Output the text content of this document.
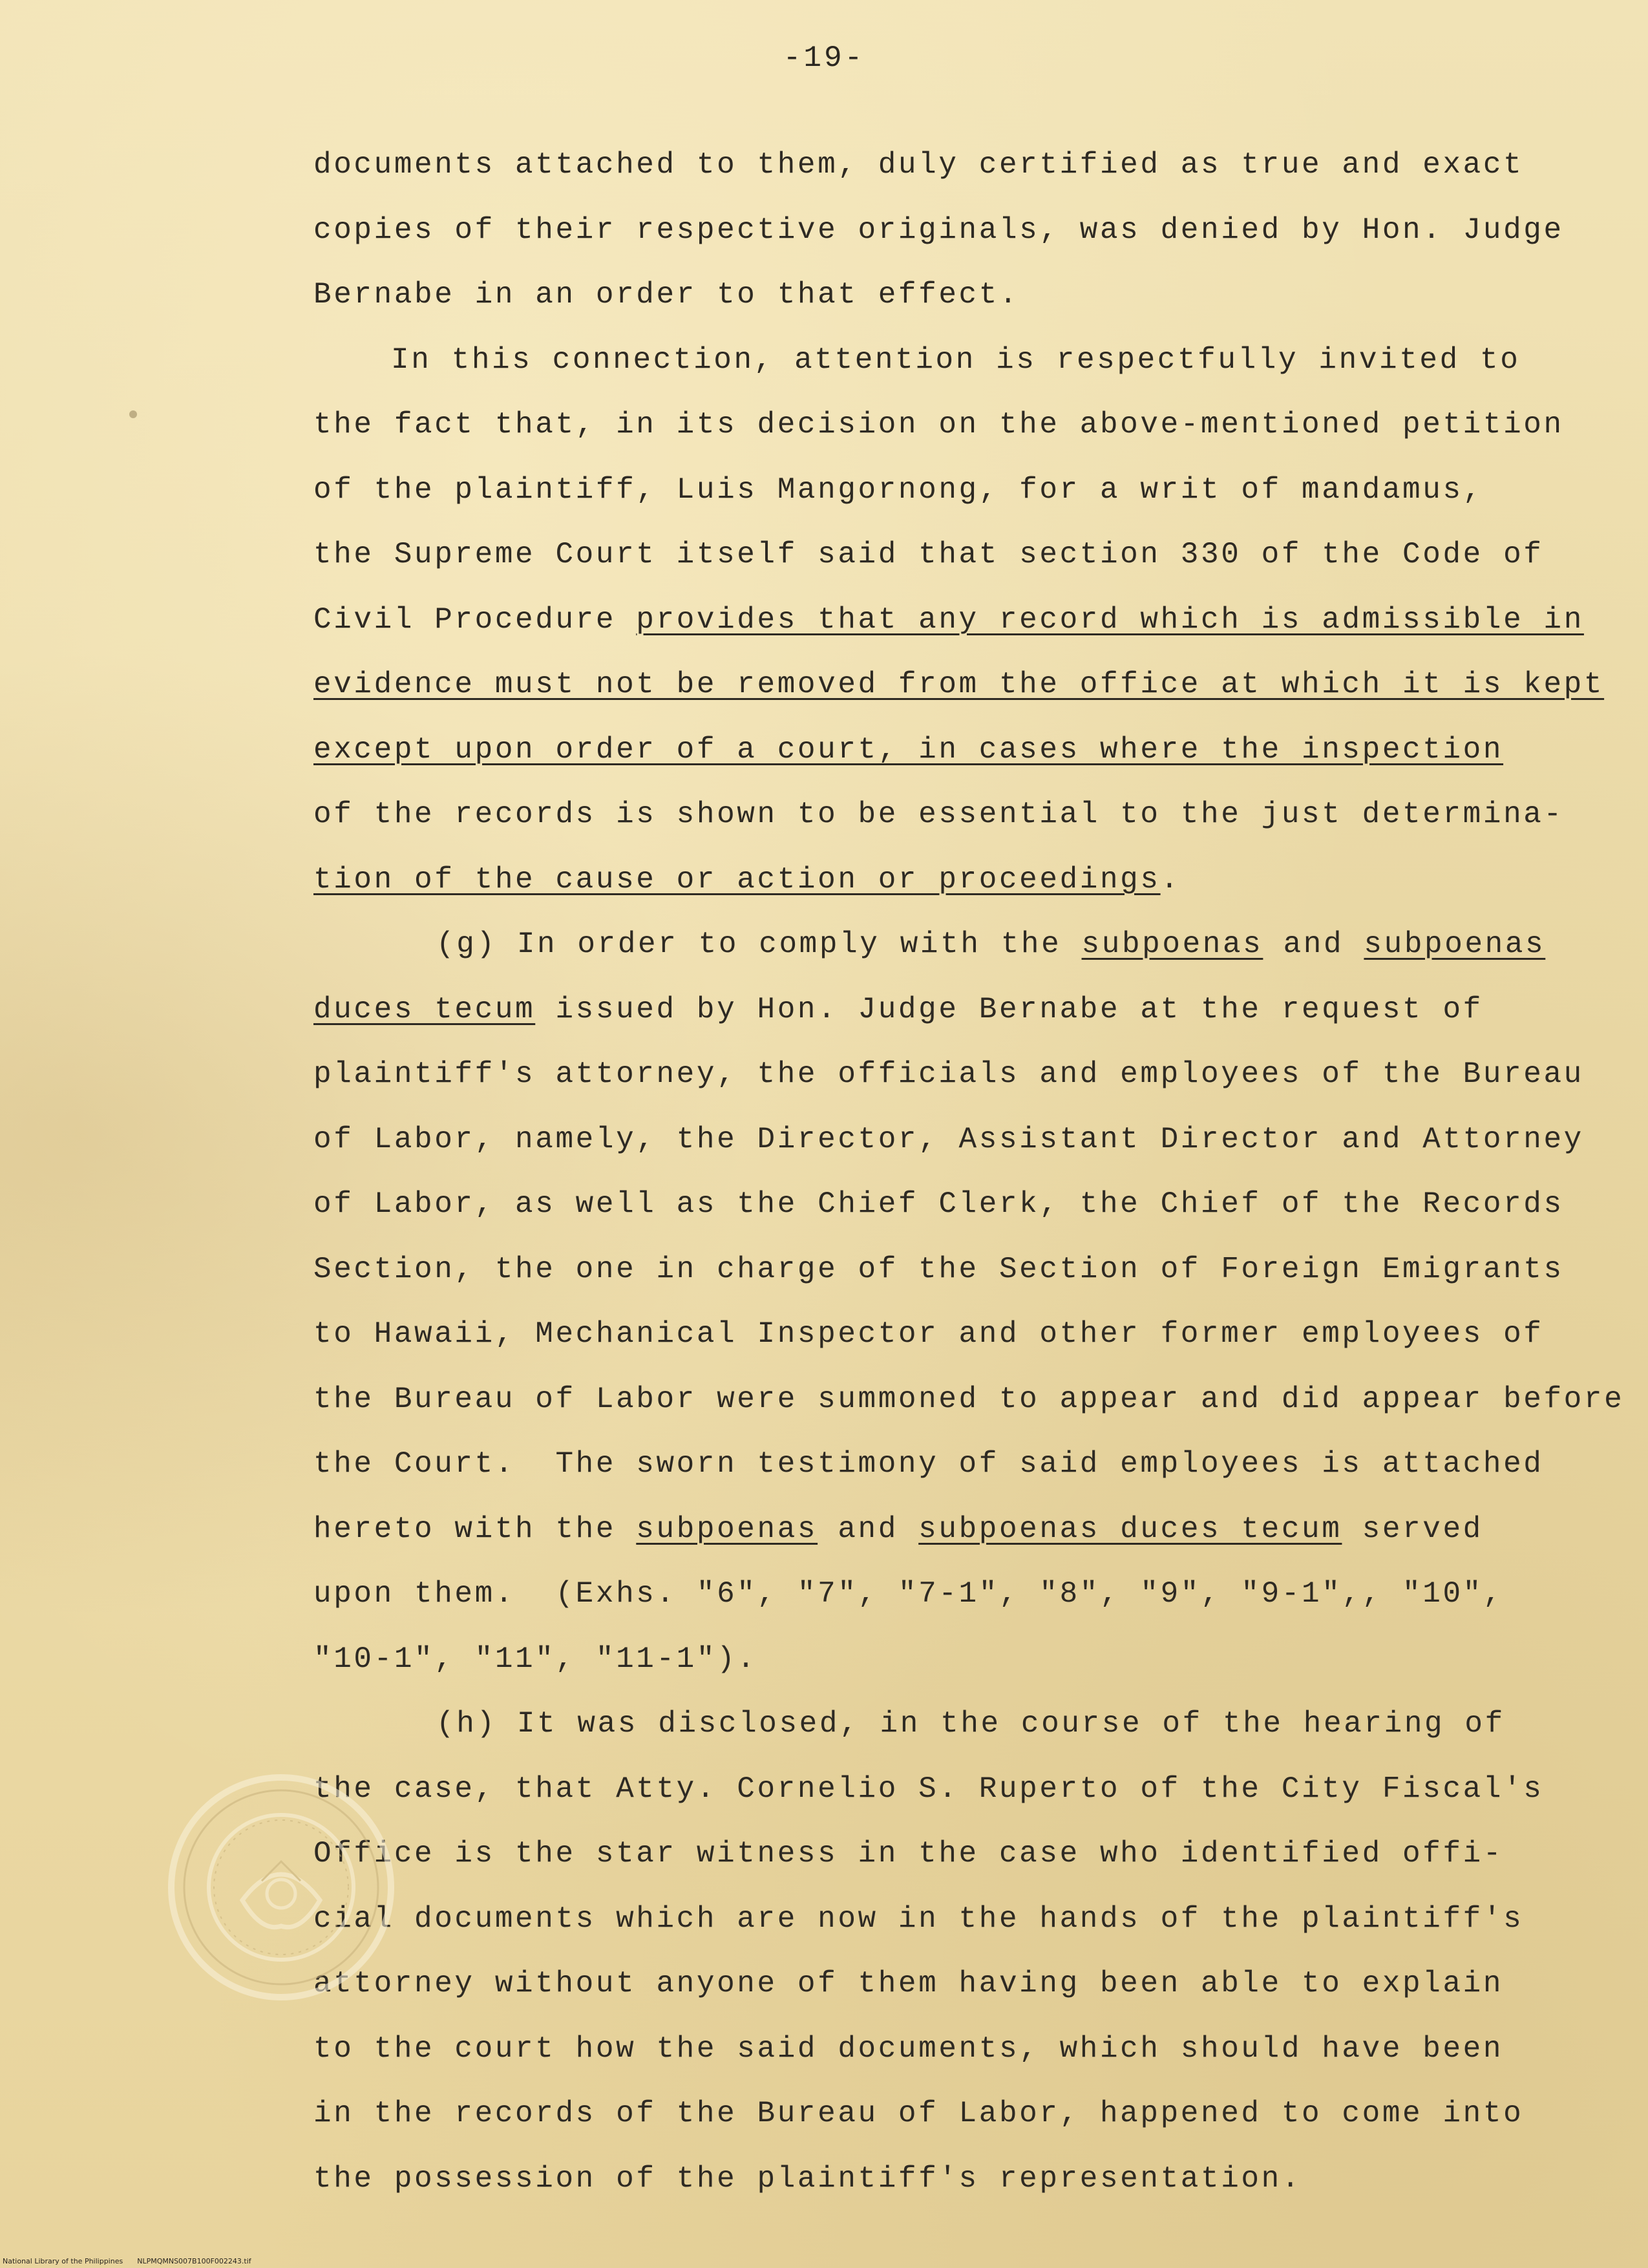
-19-
documents attached to them, duly certified as true and exact
copies of their respective originals, was denied by Hon. Judge
Bernabe in an order to that effect.
In this connection, attention is respectfully invited to
the fact that, in its decision on the above-mentioned petition
of the plaintiff, Luis Mangornong, for a writ of mandamus,
the Supreme Court itself said that section 330 of the Code of
Civil Procedure provides that any record which is admissible in
evidence must not be removed from the office at which it is kept
except upon order of a court, in cases where the inspection
of the records is shown to be essential to the just determina-
tion of the cause or action or proceedings.
(g) In order to comply with the subpoenas and subpoenas
duces tecum issued by Hon. Judge Bernabe at the request of
plaintiff's attorney, the officials and employees of the Bureau
of Labor, namely, the Director, Assistant Director and Attorney
of Labor, as well as the Chief Clerk, the Chief of the Records
Section, the one in charge of the Section of Foreign Emigrants
to Hawaii, Mechanical Inspector and other former employees of
the Bureau of Labor were summoned to appear and did appear before
the Court.  The sworn testimony of said employees is attached
hereto with the subpoenas and subpoenas duces tecum served
upon them.  (Exhs. "6", "7", "7-1", "8", "9", "9-1",, "10",
"10-1", "11", "11-1").
(h) It was disclosed, in the course of the hearing of
the case, that Atty. Cornelio S. Ruperto of the City Fiscal's
Office is the star witness in the case who identified offi-
cial documents which are now in the hands of the plaintiff's
attorney without anyone of them having been able to explain
to the court how the said documents, which should have been
in the records of the Bureau of Labor, happened to come into
the possession of the plaintiff's representation.
National Library of the Philippines NLPMQMNS007B100F002243.tif
